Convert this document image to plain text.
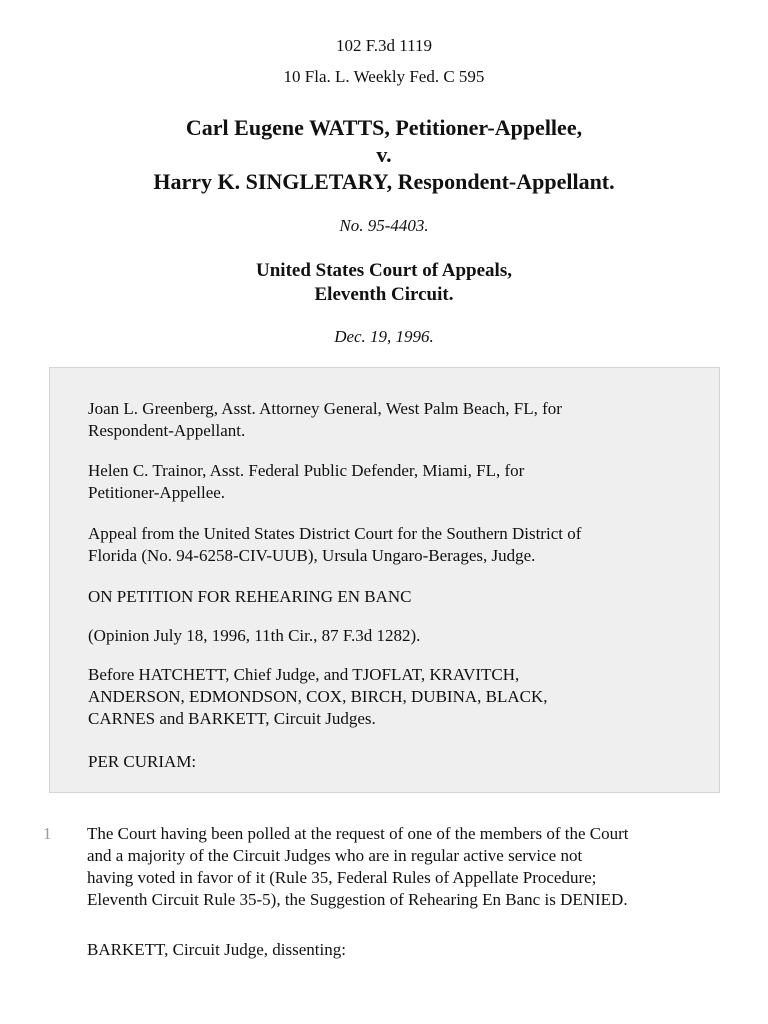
102 F.3d 1119
10 Fla. L. Weekly Fed. C 595
Carl Eugene WATTS, Petitioner-Appellee,
v.
Harry K. SINGLETARY, Respondent-Appellant.
No. 95-4403.
United States Court of Appeals,
Eleventh Circuit.
Dec. 19, 1996.
Joan L. Greenberg, Asst. Attorney General, West Palm Beach, FL, for
Respondent-Appellant.
Helen C. Trainor, Asst. Federal Public Defender, Miami, FL, for
Petitioner-Appellee.
Appeal from the United States District Court for the Southern District of
Florida (No. 94-6258-CIV-UUB), Ursula Ungaro-Berages, Judge.
ON PETITION FOR REHEARING EN BANC
(Opinion July 18, 1996, 11th Cir., 87 F.3d 1282).
Before HATCHETT, Chief Judge, and TJOFLAT, KRAVITCH,
ANDERSON, EDMONDSON, COX, BIRCH, DUBINA, BLACK,
CARNES and BARKETT, Circuit Judges.
PER CURIAM:
1 The Court having been polled at the request of one of the members of the Court
and a majority of the Circuit Judges who are in regular active service not
having voted in favor of it (Rule 35, Federal Rules of Appellate Procedure;
Eleventh Circuit Rule 35-5), the Suggestion of Rehearing En Banc is DENIED.
BARKETT, Circuit Judge, dissenting:
